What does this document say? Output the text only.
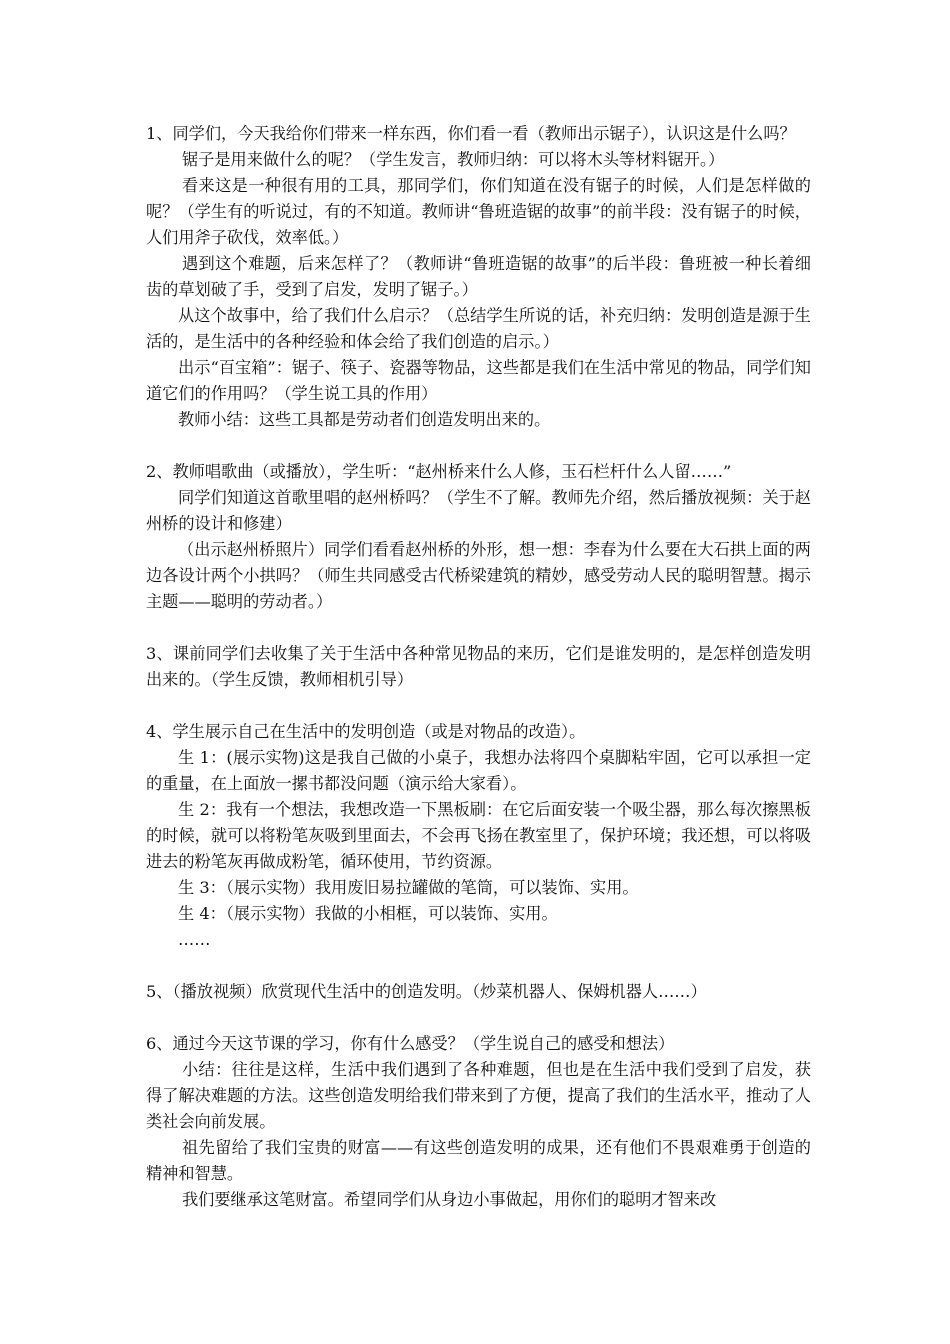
1、同学们，今天我给你们带来一样东西，你们看一看（教师出示锯子），认识这是什么吗？

锯子是用来做什么的呢？（学生发言，教师归纳：可以将木头等材料锯开。）

看来这是一种很有用的工具，那同学们，你们知道在没有锯子的时候，人们是怎样做的呢？（学生有的听说过，有的不知道。教师讲“鲁班造锯的故事”的前半段：没有锯子的时候，人们用斧子砍伐，效率低。）

遇到这个难题，后来怎样了？（教师讲“鲁班造锯的故事”的后半段：鲁班被一种长着细齿的草划破了手，受到了启发，发明了锯子。）

从这个故事中，给了我们什么启示？（总结学生所说的话，补充归纳：发明创造是源于生活的，是生活中的各种经验和体会给了我们创造的启示。）

出示“百宝箱”：锯子、筷子、瓷器等物品，这些都是我们在生活中常见的物品，同学们知道它们的作用吗？（学生说工具的作用）

教师小结：这些工具都是劳动者们创造发明出来的。

2、教师唱歌曲（或播放），学生听：“赵州桥来什么人修，玉石栏杆什么人留……”

同学们知道这首歌里唱的赵州桥吗？（学生不了解。教师先介绍，然后播放视频：关于赵州桥的设计和修建）

（出示赵州桥照片）同学们看看赵州桥的外形，想一想：李春为什么要在大石拱上面的两边各设计两个小拱吗？（师生共同感受古代桥梁建筑的精妙，感受劳动人民的聪明智慧。揭示主题——聪明的劳动者。）

3、课前同学们去收集了关于生活中各种常见物品的来历，它们是谁发明的，是怎样创造发明出来的。（学生反馈，教师相机引导）

4、学生展示自己在生活中的发明创造（或是对物品的改造）。

生 1：(展示实物)这是我自己做的小桌子，我想办法将四个桌脚粘牢固，它可以承担一定的重量，在上面放一摞书都没问题（演示给大家看）。

生 2：我有一个想法，我想改造一下黑板刷：在它后面安装一个吸尘器，那么每次擦黑板的时候，就可以将粉笔灰吸到里面去，不会再飞扬在教室里了，保护环境；我还想，可以将吸进去的粉笔灰再做成粉笔，循环使用，节约资源。

生 3：（展示实物）我用废旧易拉罐做的笔筒，可以装饰、实用。

生 4：（展示实物）我做的小相框，可以装饰、实用。

……

5、（播放视频）欣赏现代生活中的创造发明。（炒菜机器人、保姆机器人……）

6、通过今天这节课的学习，你有什么感受？（学生说自己的感受和想法）

小结：往往是这样，生活中我们遇到了各种难题，但也是在生活中我们受到了启发，获得了解决难题的方法。这些创造发明给我们带来到了方便，提高了我们的生活水平，推动了人类社会向前发展。

祖先留给了我们宝贵的财富——有这些创造发明的成果，还有他们不畏艰难勇于创造的精神和智慧。

我们要继承这笔财富。希望同学们从身边小事做起，用你们的聪明才智来改
